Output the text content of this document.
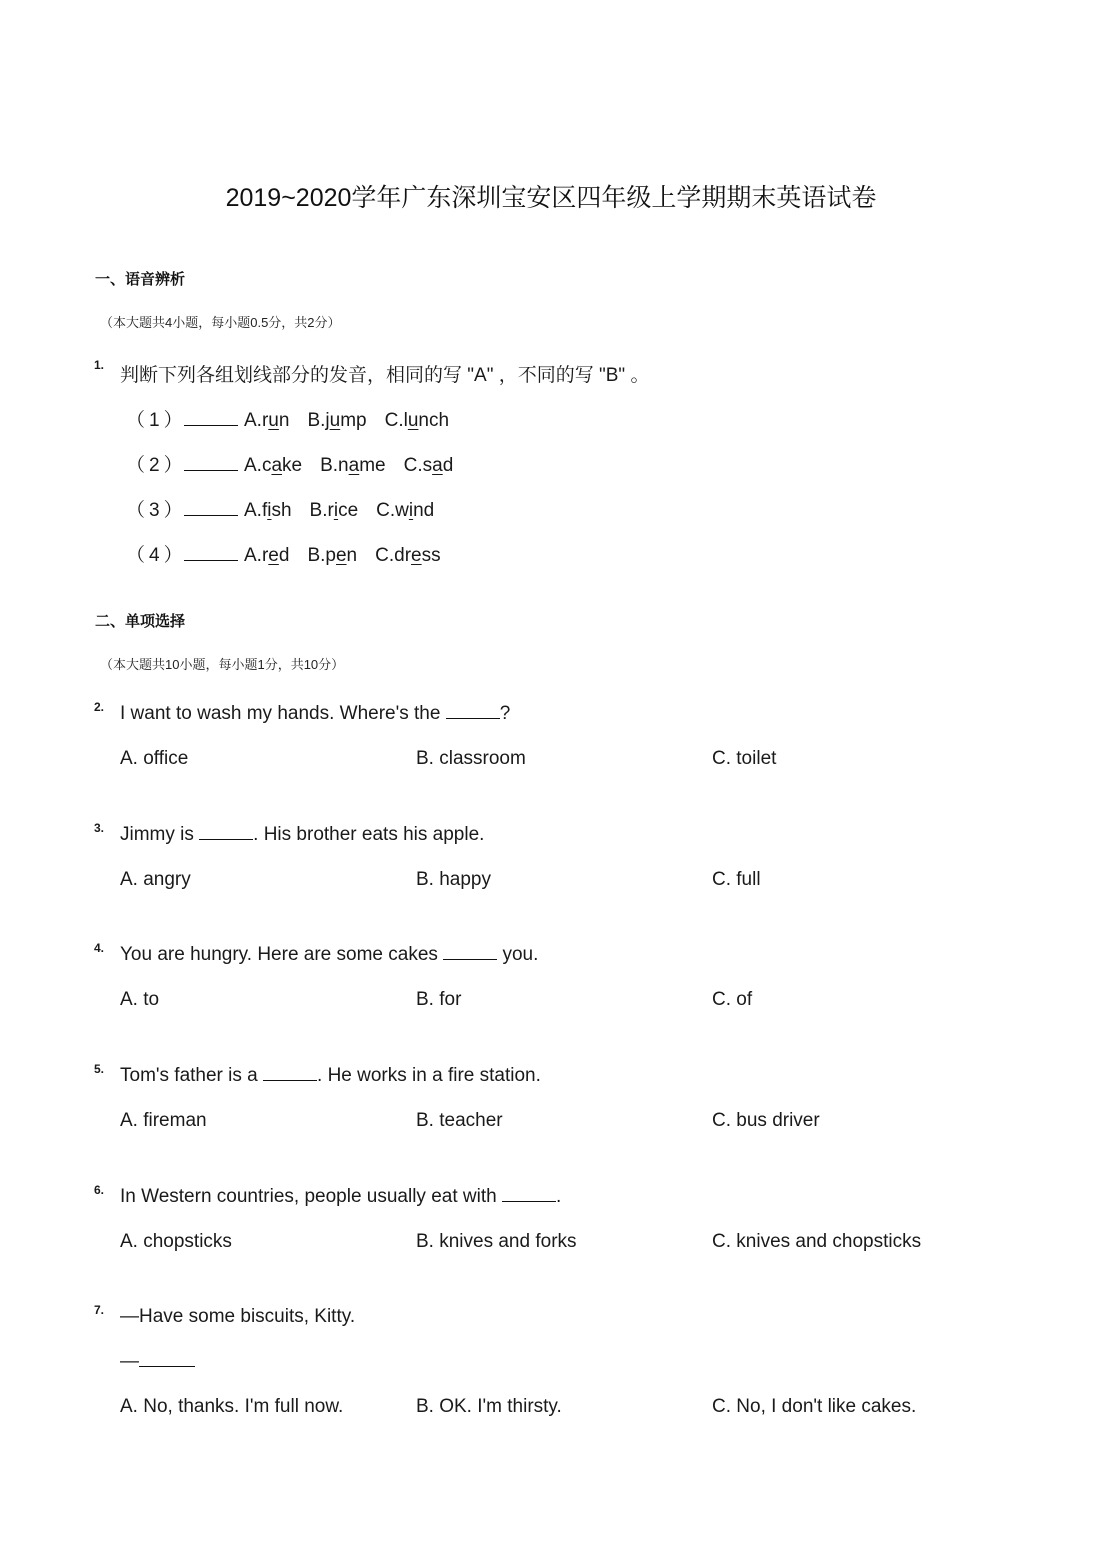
2019~2020学年广东深圳宝安区四年级上学期期末英语试卷
一、语音辨析
（本大题共4小题，每小题0.5分，共2分）
1. 判断下列各组划线部分的发音，相同的写 "A" ，不同的写 "B" 。
（1）	A.run B.jump C.lunch
（2）	A.cake B.name C.sad
（3）	A.fish B.rice C.wind
（4）	A.red B.pen C.dress
二、单项选择
（本大题共10小题，每小题1分，共10分）
2. I want to wash my hands. Where's the	?
A. office	B. classroom	C. toilet
3. Jimmy is	. His brother eats his apple.
A. angry	B. happy	C. full
4. You are hungry. Here are some cakes	you.
A. to	B. for	C. of
5. Tom's father is a	. He works in a fire station.
A. fireman	B. teacher	C. bus driver
6. In Western countries, people usually eat with	.
A. chopsticks	B. knives and forks	C. knives and chopsticks
7. —Have some biscuits, Kitty.
—
A. No, thanks. I'm full now.	B. OK. I'm thirsty.	C. No, I don't like cakes.
